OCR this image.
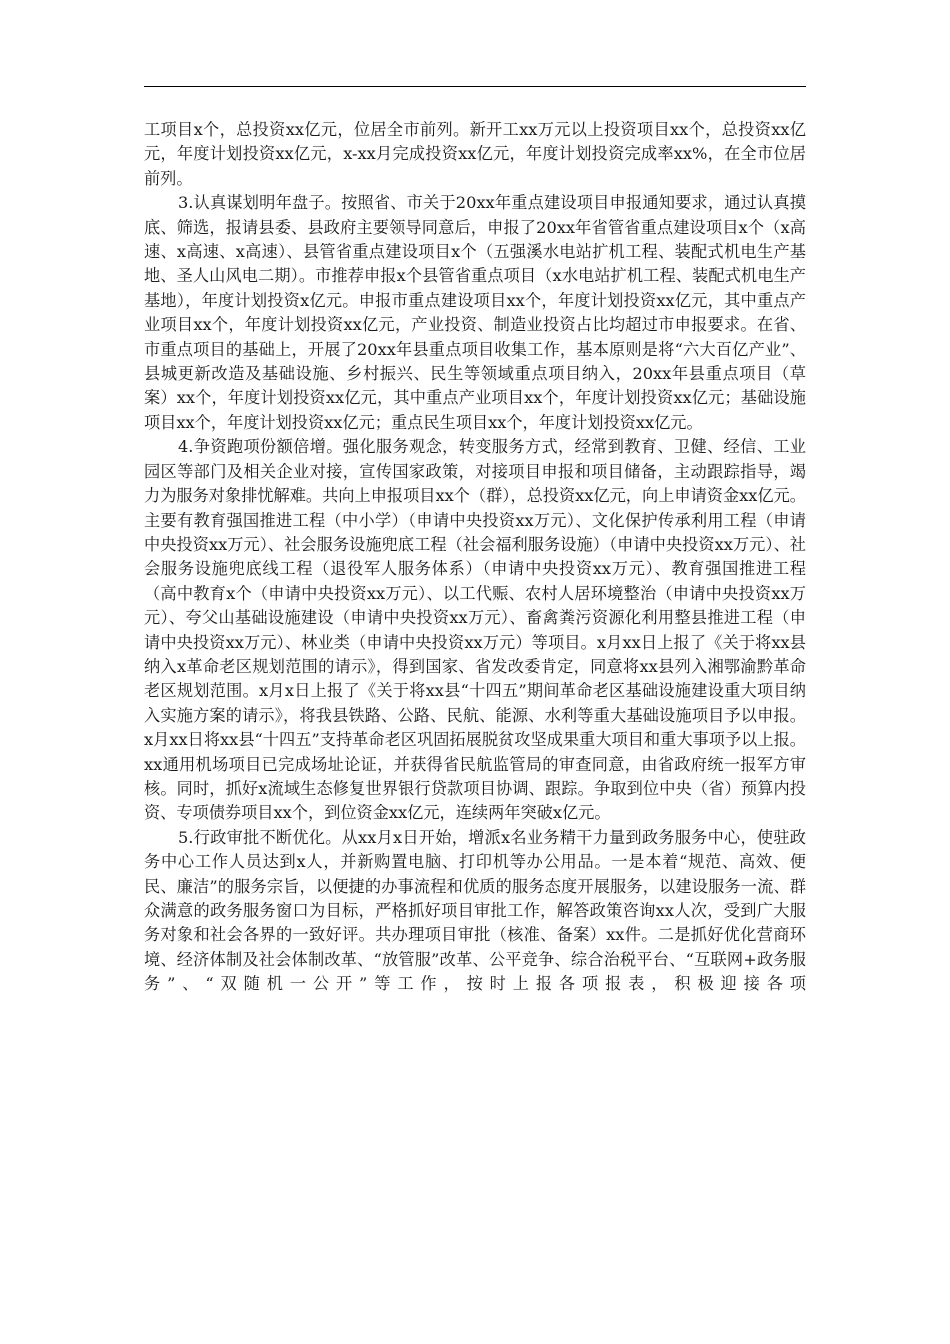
工项目x个，总投资xx亿元，位居全市前列。新开工xx万元以上投资项目xx个，总投资xx亿元，年度计划投资xx亿元，x-xx月完成投资xx亿元，年度计划投资完成率xx%，在全市位居前列。

3.认真谋划明年盘子。按照省、市关于20xx年重点建设项目申报通知要求，通过认真摸底、筛选，报请县委、县政府主要领导同意后，申报了20xx年省管省重点建设项目x个（x高速、x高速、x高速）、县管省重点建设项目x个（五强溪水电站扩机工程、装配式机电生产基地、圣人山风电二期）。市推荐申报x个县管省重点项目（x水电站扩机工程、装配式机电生产基地），年度计划投资x亿元。申报市重点建设项目xx个，年度计划投资xx亿元，其中重点产业项目xx个，年度计划投资xx亿元，产业投资、制造业投资占比均超过市申报要求。在省、市重点项目的基础上，开展了20xx年县重点项目收集工作，基本原则是将“六大百亿产业”、县城更新改造及基础设施、乡村振兴、民生等领域重点项目纳入，20xx年县重点项目（草案）xx个，年度计划投资xx亿元，其中重点产业项目xx个，年度计划投资xx亿元；基础设施项目xx个，年度计划投资xx亿元；重点民生项目xx个，年度计划投资xx亿元。

4.争资跑项份额倍增。强化服务观念，转变服务方式，经常到教育、卫健、经信、工业园区等部门及相关企业对接，宣传国家政策，对接项目申报和项目储备，主动跟踪指导，竭力为服务对象排忧解难。共向上申报项目xx个（群），总投资xx亿元，向上申请资金xx亿元。主要有教育强国推进工程（中小学）（申请中央投资xx万元）、文化保护传承利用工程（申请中央投资xx万元）、社会服务设施兜底工程（社会福利服务设施）（申请中央投资xx万元）、社会服务设施兜底线工程（退役军人服务体系）（申请中央投资xx万元）、教育强国推进工程（高中教育x个（申请中央投资xx万元）、以工代赈、农村人居环境整治（申请中央投资xx万元）、夸父山基础设施建设（申请中央投资xx万元）、畜禽粪污资源化利用整县推进工程（申请中央投资xx万元）、林业类（申请中央投资xx万元）等项目。x月xx日上报了《关于将xx县纳入x革命老区规划范围的请示》，得到国家、省发改委肯定，同意将xx县列入湘鄂渝黔革命老区规划范围。x月x日上报了《关于将xx县“十四五”期间革命老区基础设施建设重大项目纳入实施方案的请示》，将我县铁路、公路、民航、能源、水利等重大基础设施项目予以申报。x月xx日将xx县“十四五”支持革命老区巩固拓展脱贫攻坚成果重大项目和重大事项予以上报。xx通用机场项目已完成场址论证，并获得省民航监管局的审查同意，由省政府统一报军方审核。同时，抓好x流域生态修复世界银行贷款项目协调、跟踪。争取到位中央（省）预算内投资、专项债券项目xx个，到位资金xx亿元，连续两年突破x亿元。

5.行政审批不断优化。从xx月x日开始，增派x名业务精干力量到政务服务中心，使驻政务中心工作人员达到x人，并新购置电脑、打印机等办公用品。一是本着“规范、高效、便民、廉洁”的服务宗旨，以便捷的办事流程和优质的服务态度开展服务，以建设服务一流、群众满意的政务服务窗口为目标，严格抓好项目审批工作，解答政策咨询xx人次，受到广大服务对象和社会各界的一致好评。共办理项目审批（核准、备案）xx件。二是抓好优化营商环境、经济体制及社会体制改革、“放管服”改革、公平竞争、综合治税平台、“互联网+政务服务”、“双随机一公开”等工作，按时上报各项报表，积极迎接各项
